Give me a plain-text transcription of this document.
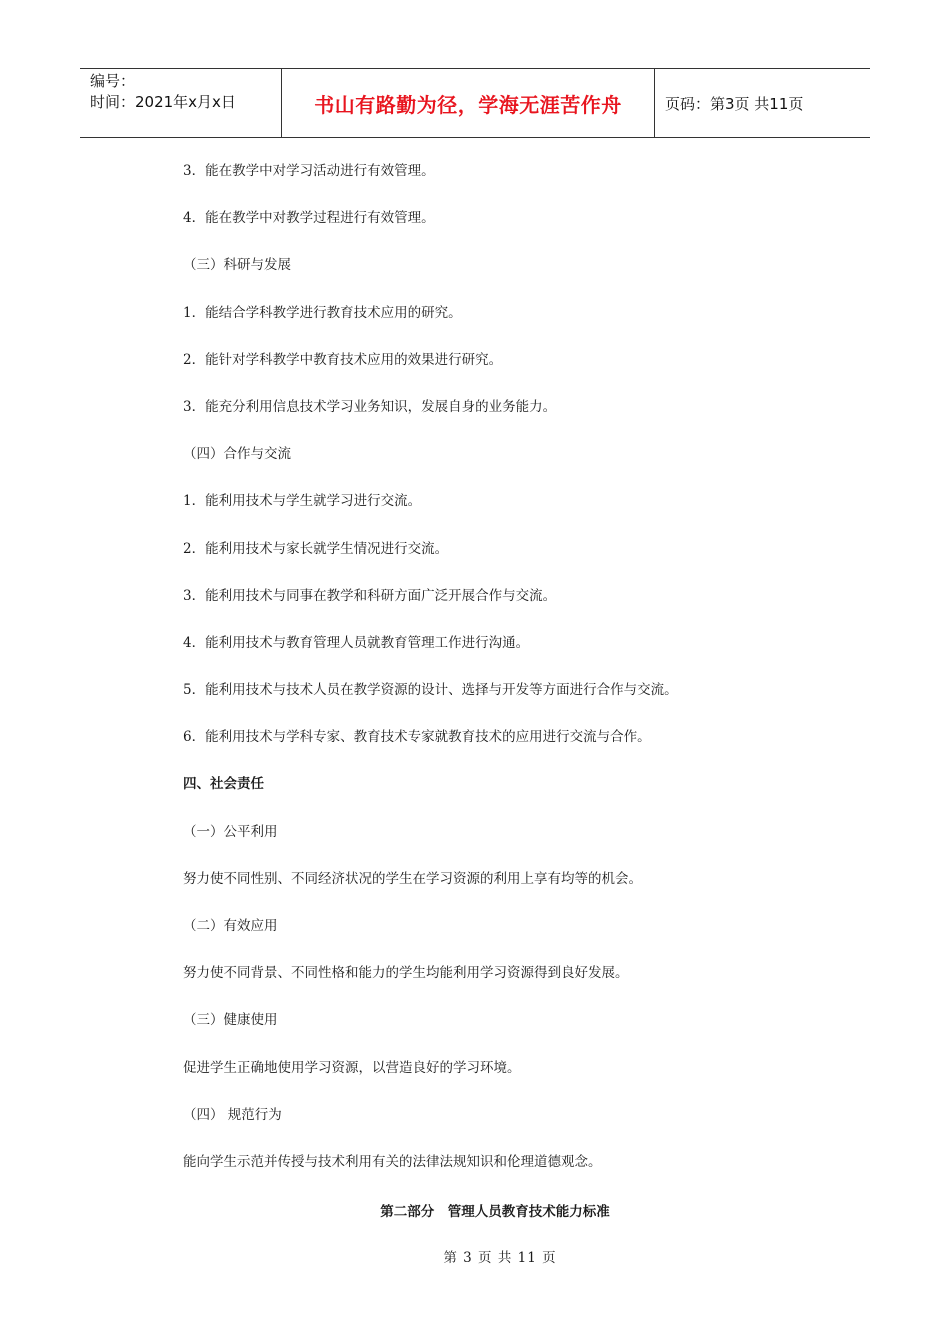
编号：
时间：2021年x月x日	书山有路勤为径，学海无涯苦作舟	页码：第3页 共11页
3．能在教学中对学习活动进行有效管理。
4．能在教学中对教学过程进行有效管理。
（三）科研与发展
1．能结合学科教学进行教育技术应用的研究。
2．能针对学科教学中教育技术应用的效果进行研究。
3．能充分利用信息技术学习业务知识，发展自身的业务能力。
（四）合作与交流
1．能利用技术与学生就学习进行交流。
2．能利用技术与家长就学生情况进行交流。
3．能利用技术与同事在教学和科研方面广泛开展合作与交流。
4．能利用技术与教育管理人员就教育管理工作进行沟通。
5．能利用技术与技术人员在教学资源的设计、选择与开发等方面进行合作与交流。
6．能利用技术与学科专家、教育技术专家就教育技术的应用进行交流与合作。
四、社会责任
（一）公平利用
努力使不同性别、不同经济状况的学生在学习资源的利用上享有均等的机会。
（二）有效应用
努力使不同背景、不同性格和能力的学生均能利用学习资源得到良好发展。
（三）健康使用
促进学生正确地使用学习资源，以营造良好的学习环境。
（四） 规范行为
能向学生示范并传授与技术利用有关的法律法规知识和伦理道德观念。
第二部分　管理人员教育技术能力标准
第 3 页 共 11 页
